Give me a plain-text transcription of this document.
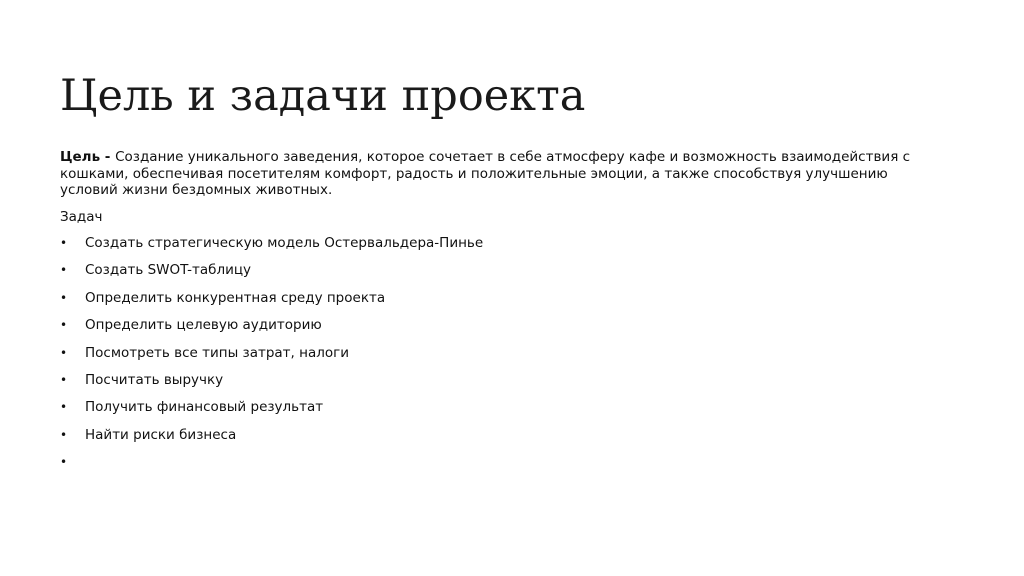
Цель и задачи проекта

Цель - Создание уникального заведения, которое сочетает в себе атмосферу кафе и возможность взаимодействия с кошками, обеспечивая посетителям комфорт, радость и положительные эмоции, а также способствуя улучшению условий жизни бездомных животных.

Задач

• Создать стратегическую модель Остервальдера-Пинье
• Создать SWOT-таблицу
• Определить конкурентная среду проекта
• Определить целевую аудиторию
• Посмотреть все типы затрат, налоги
• Посчитать выручку
• Получить финансовый результат
• Найти риски бизнеса
•
